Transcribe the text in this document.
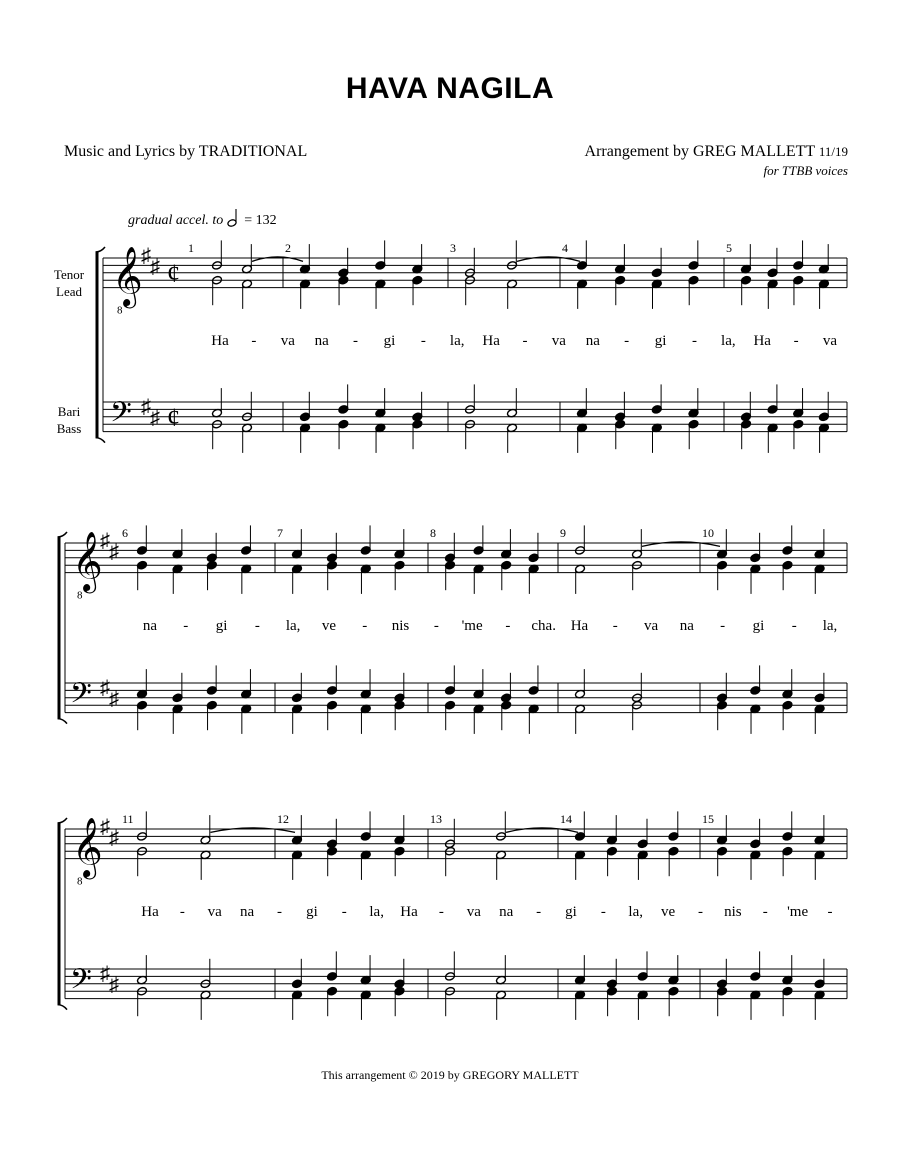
HAVA NAGILA
Music and Lyrics by TRADITIONAL	Arrangement by GREG MALLETT 11/19
for TTBB voices
gradual accel. to = 132
Tenor
Lead
Bari
Bass
𝄞
8
𝄢
♯ ♯
♯ ♯
¢
¢
1	2	3	4	5
Ha - va na - gi - la, Ha - va na - gi - la, Ha - va
𝄞
8
𝄢
♯ ♯
♯ ♯
6	7	8	9	10
na - gi - la, ve - nis - 'me - cha. Ha - va na - gi - la,
𝄞
8
𝄢
♯ ♯
♯ ♯
11	12	13	14	15
Ha - va na - gi - la, Ha - va na - gi - la, ve - nis - 'me -
This arrangement © 2019 by GREGORY MALLETT
